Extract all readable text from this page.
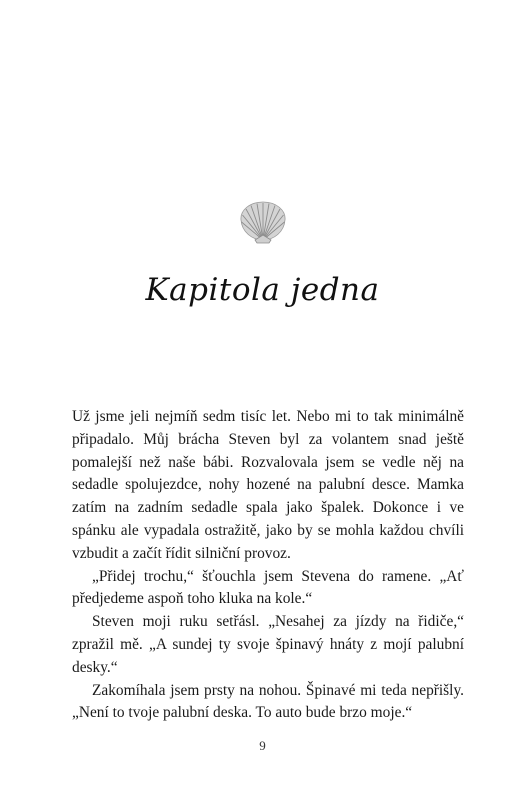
Kapitola jedna

Už jsme jeli nejmíň sedm tisíc let. Nebo mi to tak minimálně připadalo. Můj brácha Steven byl za volantem snad ještě pomalejší než naše bábi. Rozvalovala jsem se vedle něj na sedadle spolujezdce, nohy hozené na palubní desce. Mamka zatím na zadním sedadle spala jako špalek. Dokonce i ve spánku ale vypadala ostražitě, jako by se mohla každou chvíli vzbudit a začít řídit silniční provoz.

„Přidej trochu,“ šťouchla jsem Stevena do ramene. „Ať předjedeme aspoň toho kluka na kole.“

Steven moji ruku setřásl. „Nesahej za jízdy na řidiče,“ zpražil mě. „A sundej ty svoje špinavý hnáty z mojí palubní desky.“

Zakomíhala jsem prsty na nohou. Špinavé mi teda nepřišly. „Není to tvoje palubní deska. To auto bude brzo moje.“

9
